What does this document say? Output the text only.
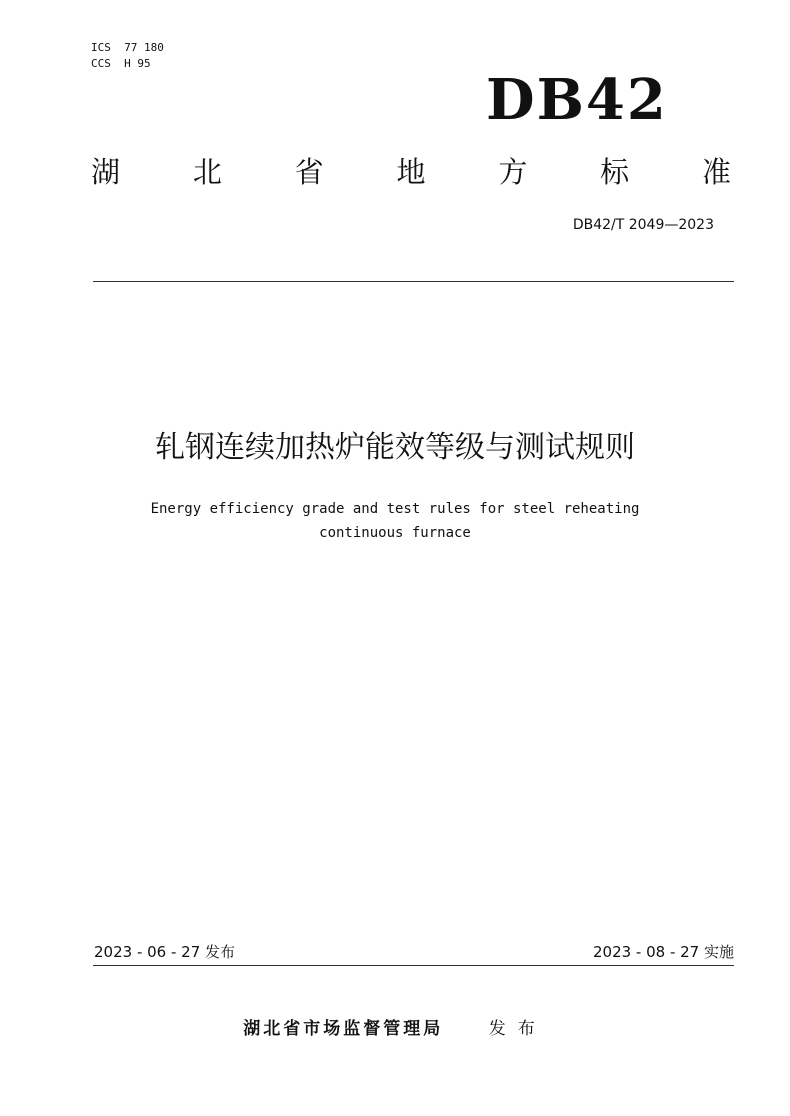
ICS  77 180
CCS  H 95
DB42
湖	北	省	地	方	标	准
DB42/T 2049—2023
轧钢连续加热炉能效等级与测试规则
Energy efficiency grade and test rules for steel reheating
continuous furnace
2023 - 06 - 27 发布	2023 - 08 - 27 实施
湖北省市场监督管理局	发布
